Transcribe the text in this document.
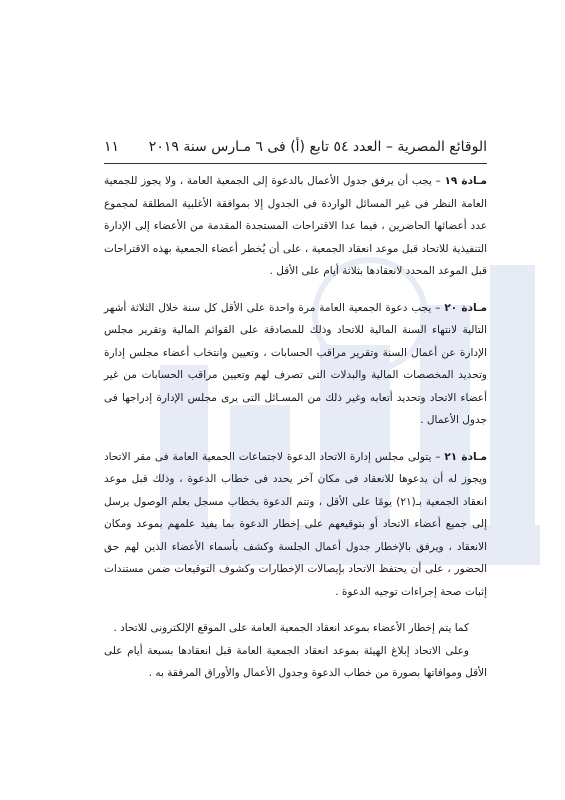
١١ الوقائع المصرية – العدد ٥٤ تابع (أ) فى ٦ مـارس سنة ٢٠١٩

مـادة ١٩ – يجب أن يرفق جدول الأعمال بالدعوة إلى الجمعية العامة ، ولا يجوز للجمعية العامة النظر فى غير المسائل الواردة فى الجدول إلا بموافقة الأغلبية المطلقة لمجموع عدد أعضائها الحاضرين ، فيما عدا الاقتراحات المستجدة المقدمة من الأعضاء إلى الإدارة التنفيذية للاتحاد قبل موعد انعقاد الجمعية ، على أن يُخطر أعضاء الجمعية بهذه الاقتراحات قبل الموعد المحدد لانعقادها بثلاثة أيام على الأقل .

مـادة ٢٠ – يجب دعوة الجمعية العامة مرة واحدة على الأقل كل سنة خلال الثلاثة أشهر التالية لانتهاء السنة المالية للاتحاد وذلك للمصادقة على القوائم المالية وتقرير مجلس الإدارة عن أعمال السنة وتقرير مراقب الحسابات ، وتعيين وانتخاب أعضاء مجلس إدارة وتحديد المخصصات المالية والبدلات التى تصرف لهم وتعيين مراقب الحسابات من غير أعضاء الاتحاد وتحديد أتعابه وغير ذلك من المسـائل التى يرى مجلس الإدارة إدراجها فى جدول الأعمال .

مـادة ٢١ – يتولى مجلس إدارة الاتحاد الدعوة لاجتماعات الجمعية العامة فى مقر الاتحاد ويجوز له أن يدعوها للانعقاد فى مكان آخر يحدد فى خطاب الدعوة ، وذلك قبل موعد انعقاد الجمعية بـ(٢١) يومًا على الأقل ، وتتم الدعوة بخطاب مسجل بعلم الوصول يرسل إلى جميع أعضاء الاتحاد أو بتوقيعهم على إخطار الدعوة بما يفيد علمهم بموعد ومكان الانعقاد ، ويرفق بالإخطار جدول أعمال الجلسة وكشف بأسماء الأعضاء الذين لهم حق الحضور ، على أن يحتفظ الاتحاد بإيصالات الإخطارات وكشوف التوقيعات ضمن مستندات إثبات صحة إجراءات توجيه الدعوة .

كما يتم إخطار الأعضاء بموعد انعقاد الجمعية العامة على الموقع الإلكترونى للاتحاد .

وعلى الاتحاد إبلاغ الهيئة بموعد انعقاد الجمعية العامة قبل انعقادها بسبعة أيام على الأقل وموافاتها بصورة من خطاب الدعوة وجدول الأعمال والأوراق المرفقة به .
